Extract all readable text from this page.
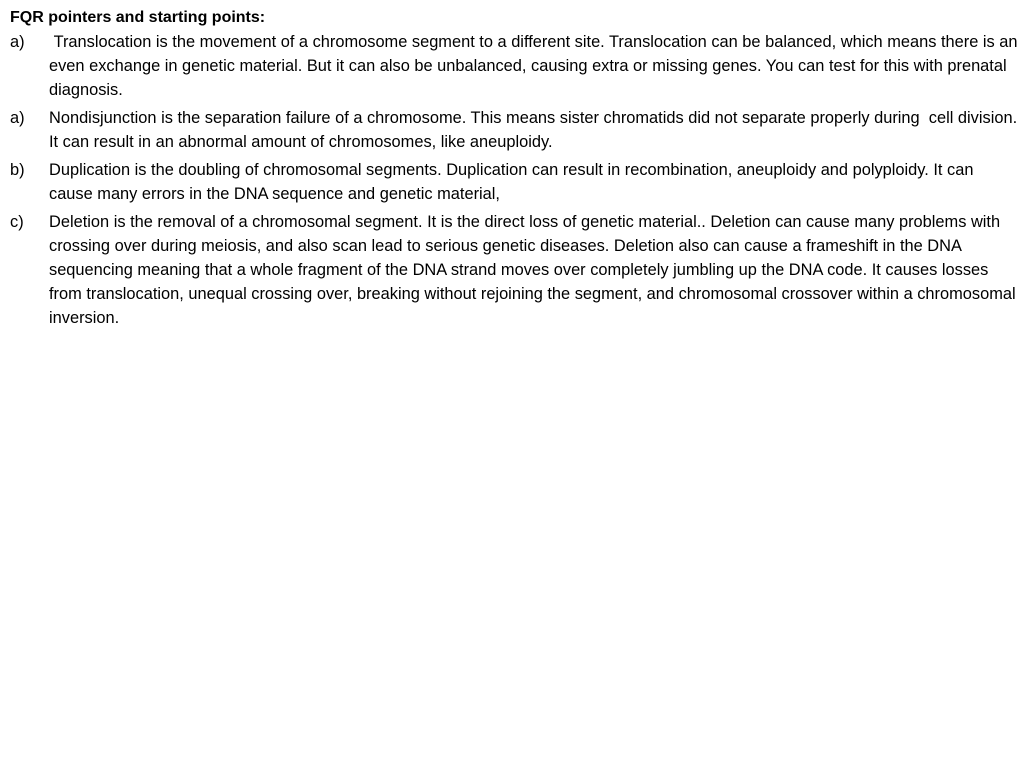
FQR pointers and starting points:

a)	Translocation is the movement of a chromosome segment to a different site. Translocation can be balanced, which means there is an even exchange in genetic material. But it can also be unbalanced, causing extra or missing genes. You can test for this with prenatal diagnosis.
a)	Nondisjunction is the separation failure of a chromosome. This means sister chromatids did not separate properly during  cell division. It can result in an abnormal amount of chromosomes, like aneuploidy.
b)	Duplication is the doubling of chromosomal segments. Duplication can result in recombination, aneuploidy and polyploidy. It can cause many errors in the DNA sequence and genetic material,
c)	Deletion is the removal of a chromosomal segment. It is the direct loss of genetic material.. Deletion can cause many problems with crossing over during meiosis, and also scan lead to serious genetic diseases. Deletion also can cause a frameshift in the DNA sequencing meaning that a whole fragment of the DNA strand moves over completely jumbling up the DNA code. It causes losses from translocation, unequal crossing over, breaking without rejoining the segment, and chromosomal crossover within a chromosomal inversion.
